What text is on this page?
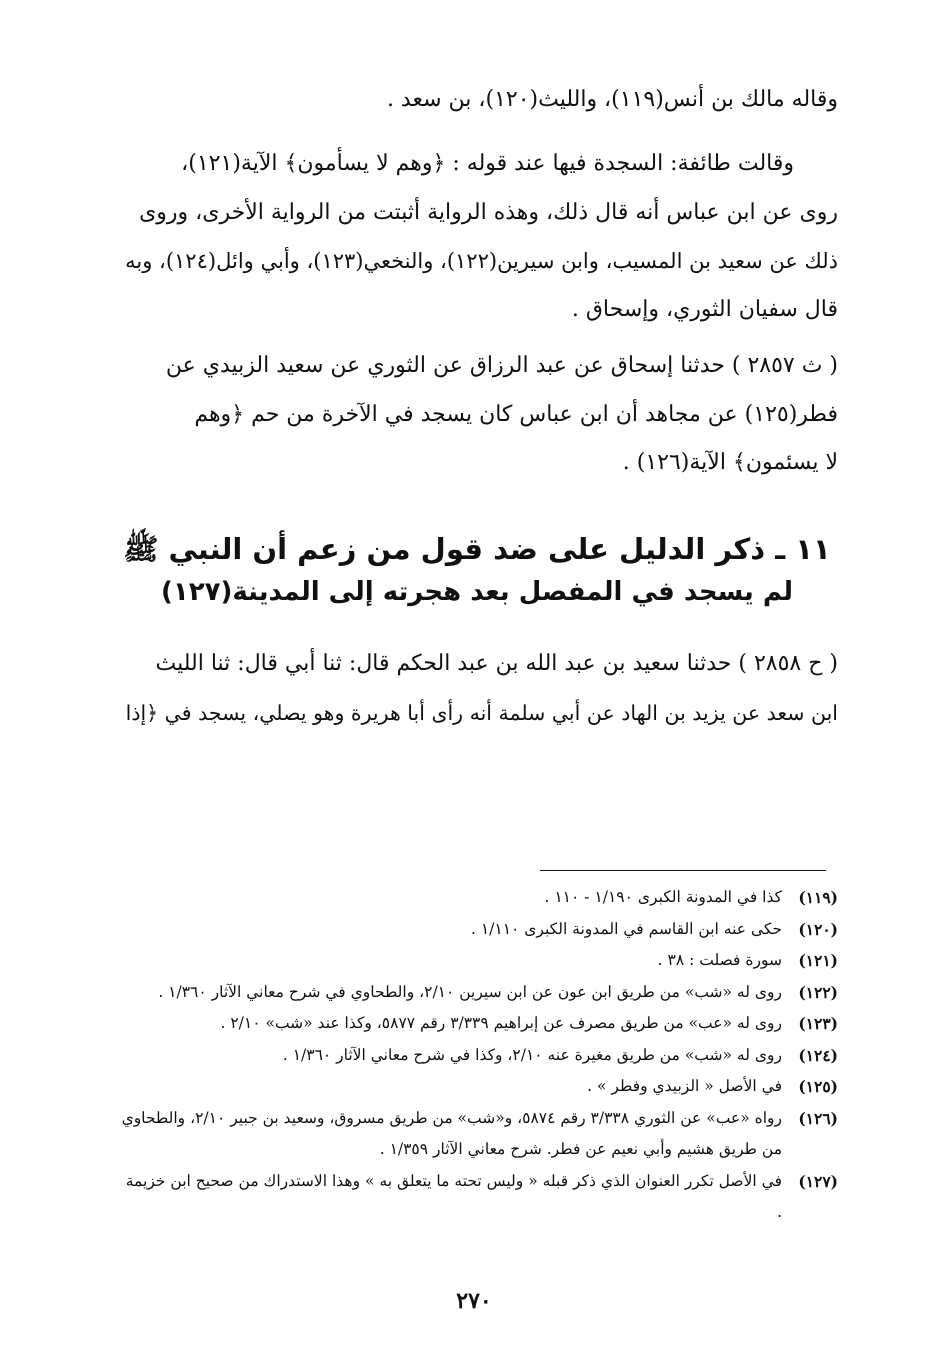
وقاله مالك بن أنس(١١٩)، والليث(١٢٠)، بن سعد .

وقالت طائفة: السجدة فيها عند قوله : ﴿وهم لا يسأمون﴾ الآية(١٢١)،
روى عن ابن عباس أنه قال ذلك، وهذه الرواية أثبتت من الرواية الأخرى، وروى
ذلك عن سعيد بن المسيب، وابن سيرين(١٢٢)، والنخعي(١٢٣)، وأبي وائل(١٢٤)، وبه
قال سفيان الثوري، وإسحاق .

( ث ٢٨٥٧ ) حدثنا إسحاق عن عبد الرزاق عن الثوري عن سعيد الزبيدي عن
فطر(١٢٥) عن مجاهد أن ابن عباس كان يسجد في الآخرة من حم ﴿وهم
لا يسئمون﴾ الآية(١٢٦) .

١١ ـ ذكر الدليل على ضد قول من زعم أن النبي ﷺ
لم يسجد في المفصل بعد هجرته إلى المدينة(١٢٧)

( ح ٢٨٥٨ ) حدثنا سعيد بن عبد الله بن عبد الحكم قال: ثنا أبي قال: ثنا الليث
ابن سعد عن يزيد بن الهاد عن أبي سلمة أنه رأى أبا هريرة وهو يصلي، يسجد في ﴿إذا

(١١٩)
كذا في المدونة الكبرى ١/١٩٠ - ١١٠ .
(١٢٠)
حكى عنه ابن القاسم في المدونة الكبرى ١/١١٠ .
(١٢١)
سورة فصلت : ٣٨ .
(١٢٢)
روى له «شب» من طريق ابن عون عن ابن سيرين ٢/١٠، والطحاوي في شرح معاني الآثار ١/٣٦٠ .
(١٢٣)
روى له «عب» من طريق مصرف عن إبراهيم ٣/٣٣٩ رقم ٥٨٧٧، وكذا عند «شب» ٢/١٠ .
(١٢٤)
روى له «شب» من طريق مغيرة عنه ٢/١٠، وكذا في شرح معاني الآثار ١/٣٦٠ .
(١٢٥)
في الأصل « الزبيدي وفطر » .
(١٢٦)
رواه «عب» عن الثوري ٣/٣٣٨ رقم ٥٨٧٤، و«شب» من طريق مسروق، وسعيد بن جبير ٢/١٠، والطحاوي من طريق هشيم وأبي نعيم عن فطر. شرح معاني الآثار ١/٣٥٩ .
(١٢٧)
في الأصل تكرر العنوان الذي ذكر قبله « وليس تحته ما يتعلق به » وهذا الاستدراك من صحيح ابن خزيمة .
٢٧٠
